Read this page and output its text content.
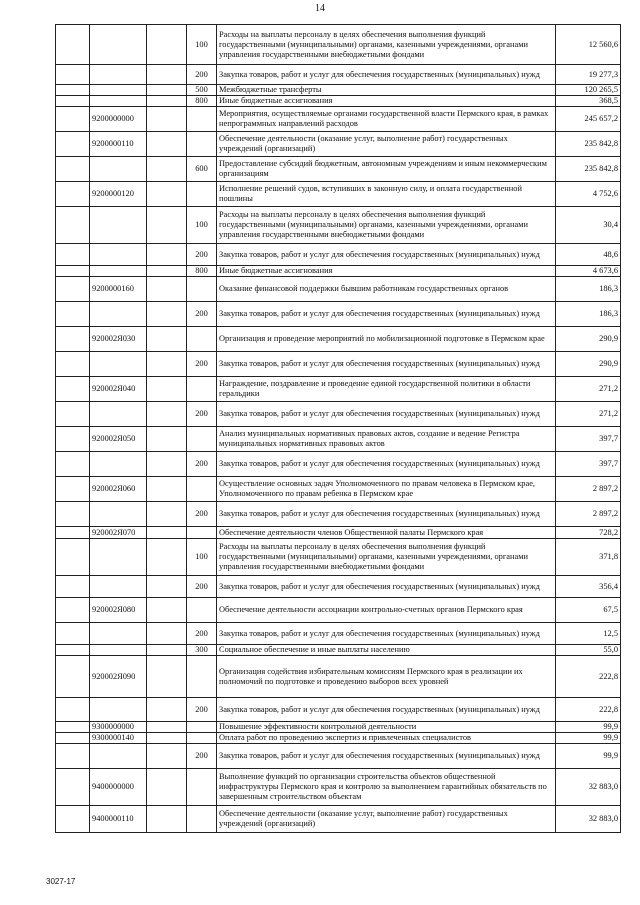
14
			100	Расходы на выплаты персоналу в целях обеспечения выполнения функций государственными (муниципальными) органами, казенными учреждениями, органами управления государственными внебюджетными фондами	12 560,6
			200	Закупка товаров, работ и услуг для обеспечения государственных (муниципальных) нужд	19 277,3
			500	Межбюджетные трансферты	120 265,5
			800	Иные бюджетные ассигнования	368,5
	9200000000			Мероприятия, осуществляемые органами государственной власти Пермского края, в рамках непрограммных направлений расходов	245 657,2
	9200000110			Обеспечение деятельности (оказание услуг, выполнение работ) государственных учреждений (организаций)	235 842,8
			600	Предоставление субсидий бюджетным, автономным учреждениям и иным некоммерческим организациям	235 842,8
	9200000120			Исполнение решений судов, вступивших в законную силу, и оплата государственной пошлины	4 752,6
			100	Расходы на выплаты персоналу в целях обеспечения выполнения функций государственными (муниципальными) органами, казенными учреждениями, органами управления государственными внебюджетными фондами	30,4
			200	Закупка товаров, работ и услуг для обеспечения государственных (муниципальных) нужд	48,6
			800	Иные бюджетные ассигнования	4 673,6
	9200000160			Оказание финансовой поддержки бывшим работникам государственных органов	186,3
			200	Закупка товаров, работ и услуг для обеспечения государственных (муниципальных) нужд	186,3
	920002Я030			Организация и проведение мероприятий по мобилизационной подготовке в Пермском крае	290,9
			200	Закупка товаров, работ и услуг для обеспечения государственных (муниципальных) нужд	290,9
	920002Я040			Награждение, поздравление и проведение единой государственной политики в области геральдики	271,2
			200	Закупка товаров, работ и услуг для обеспечения государственных (муниципальных) нужд	271,2
	920002Я050			Анализ муниципальных нормативных правовых актов, создание и ведение Регистра муниципальных нормативных правовых актов	397,7
			200	Закупка товаров, работ и услуг для обеспечения государственных (муниципальных) нужд	397,7
	920002Я060			Осуществление основных задач Уполномоченного по правам человека в Пермском крае, Уполномоченного по правам ребенка в Пермском крае	2 897,2
			200	Закупка товаров, работ и услуг для обеспечения государственных (муниципальных) нужд	2 897,2
	920002Я070			Обеспечение деятельности членов Общественной палаты Пермского края	728,2
			100	Расходы на выплаты персоналу в целях обеспечения выполнения функций государственными (муниципальными) органами, казенными учреждениями, органами управления государственными внебюджетными фондами	371,8
			200	Закупка товаров, работ и услуг для обеспечения государственных (муниципальных) нужд	356,4
	920002Я080			Обеспечение деятельности ассоциации контрольно-счетных органов Пермского края	67,5
			200	Закупка товаров, работ и услуг для обеспечения государственных (муниципальных) нужд	12,5
			300	Социальное обеспечение и иные выплаты населению	55,0
	920002Я090			Организация содействия избирательным комиссиям Пермского края в реализации их полномочий по подготовке и проведению выборов всех уровней	222,8
			200	Закупка товаров, работ и услуг для обеспечения государственных (муниципальных) нужд	222,8
	9300000000			Повышение эффективности контрольной деятельности	99,9
	9300000140			Оплата работ по проведению экспертиз и привлеченных специалистов	99,9
			200	Закупка товаров, работ и услуг для обеспечения государственных (муниципальных) нужд	99,9
	9400000000			Выполнение функций по организации строительства объектов общественной инфраструктуры Пермского края и контролю за выполнением гарантийных обязательств по завершенным строительством объектам	32 883,0
	9400000110			Обеспечение деятельности (оказание услуг, выполнение работ) государственных учреждений (организаций)	32 883,0
3027-17
